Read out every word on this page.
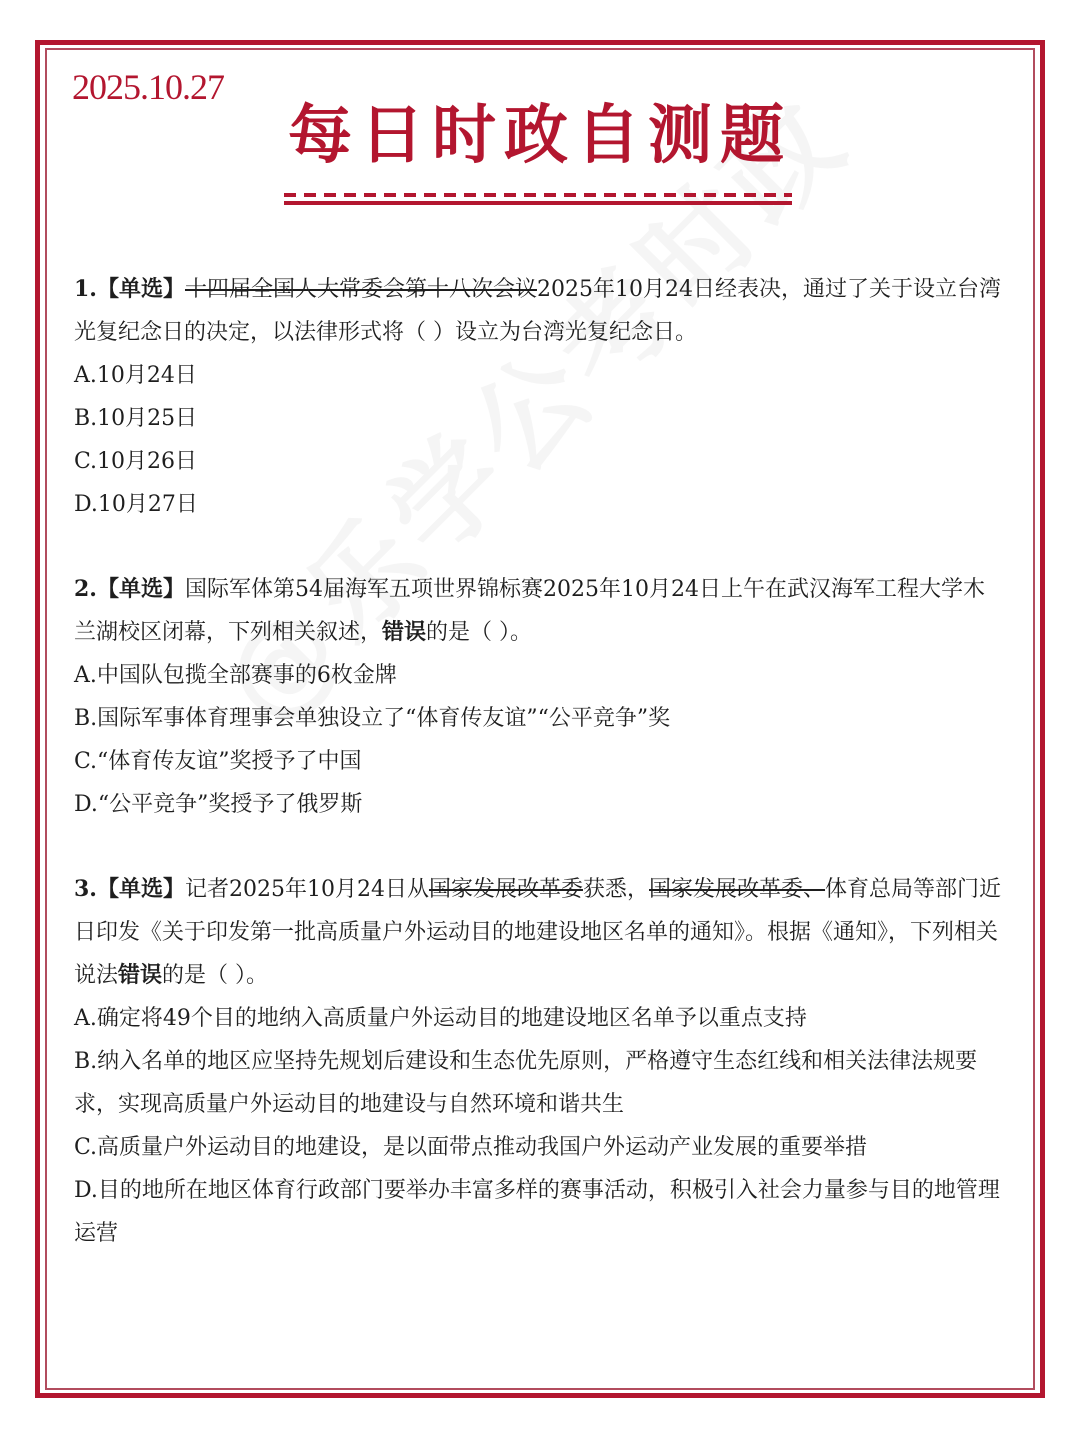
2025.10.27
每日时政自测题
1.【单选】十四届全国人大常委会第十八次会议2025年10月24日经表决，通过了关于设立台湾光复纪念日的决定，以法律形式将（ ）设立为台湾光复纪念日。
A.10月24日
B.10月25日
C.10月26日
D.10月27日
2.【单选】国际军体第54届海军五项世界锦标赛2025年10月24日上午在武汉海军工程大学木兰湖校区闭幕，下列相关叙述，错误的是（ ）。
A.中国队包揽全部赛事的6枚金牌
B.国际军事体育理事会单独设立了“体育传友谊”“公平竞争”奖
C.“体育传友谊”奖授予了中国
D.“公平竞争”奖授予了俄罗斯
3.【单选】记者2025年10月24日从国家发展改革委获悉，国家发展改革委、体育总局等部门近日印发《关于印发第一批高质量户外运动目的地建设地区名单的通知》。根据《通知》，下列相关说法错误的是（ ）。
A.确定将49个目的地纳入高质量户外运动目的地建设地区名单予以重点支持
B.纳入名单的地区应坚持先规划后建设和生态优先原则，严格遵守生态红线和相关法律法规要求，实现高质量户外运动目的地建设与自然环境和谐共生
C.高质量户外运动目的地建设，是以面带点推动我国户外运动产业发展的重要举措
D.目的地所在地区体育行政部门要举办丰富多样的赛事活动，积极引入社会力量参与目的地管理运营
